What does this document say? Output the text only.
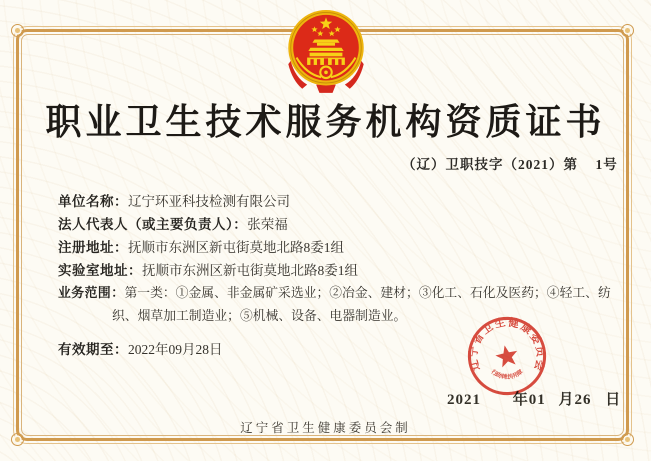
职业卫生技术服务机构资质证书
（辽）卫职技字（2021）第    1号
单位名称：辽宁环亚科技检测有限公司
法人代表人（或主要负责人）：张荣福
注册地址：抚顺市东洲区新屯街莫地北路8委1组
实验室地址：抚顺市东洲区新屯街莫地北路8委1组
业务范围：第一类：①金属、非金属矿采选业；②冶金、建材；③化工、石化及医药；④轻工、纺织、烟草加工制造业；⑤机械、设备、电器制造业。
有效期至：2022年09月28日
2021 年01 月26 日
辽宁省卫生健康委员会
行政审批专用章
辽宁省卫生健康委员会制
